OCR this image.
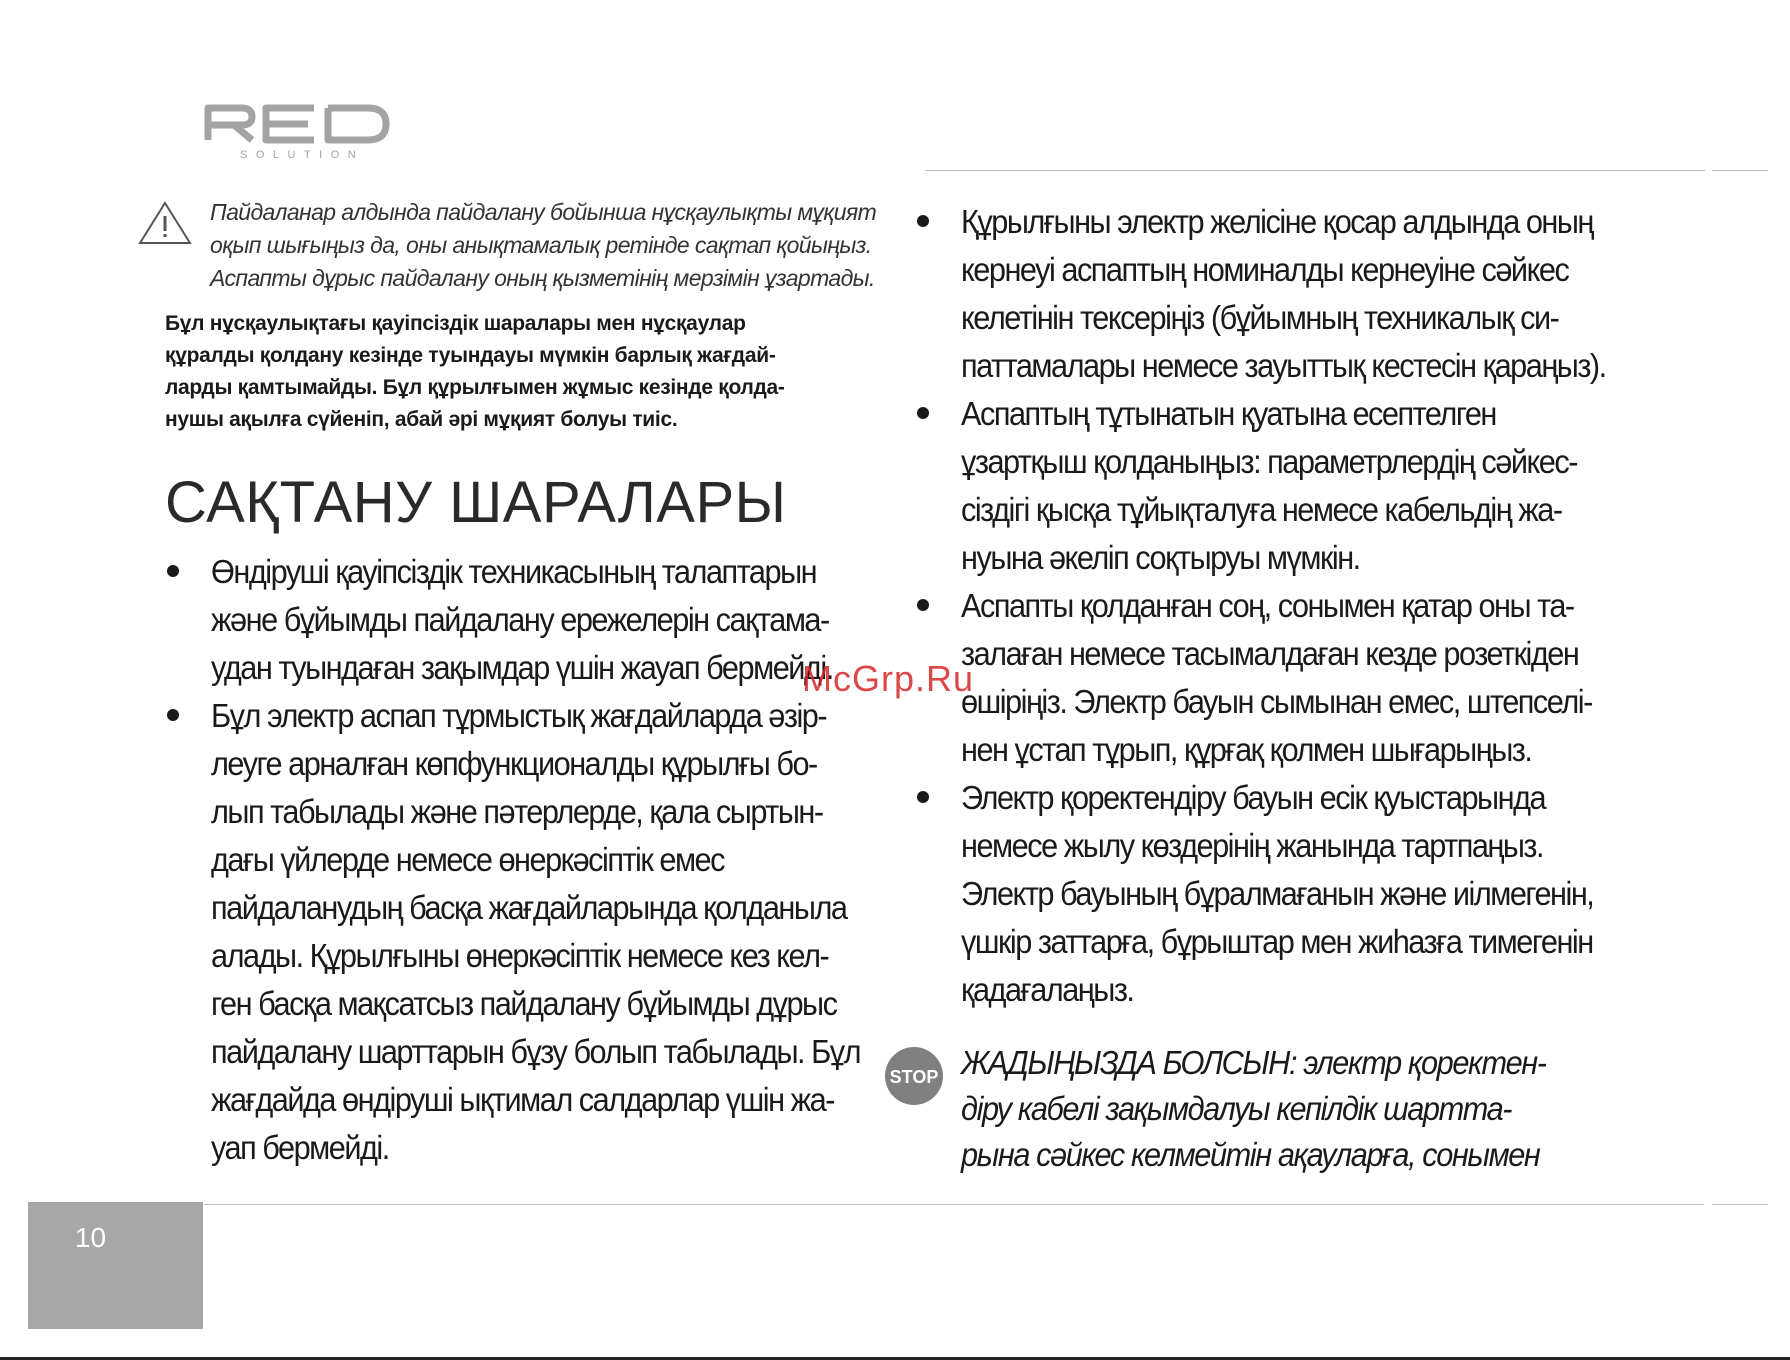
SOLUTION

Пайдаланар алдында пайдалану бойынша нұсқаулықты мұқият

оқып шығыңыз да, оны анықтамалық ретінде сақтап қойыңыз.

Аспапты дұрыс пайдалану оның қызметінің мерзімін ұзартады.

Бұл нұсқаулықтағы қауіпсіздік шаралары мен нұсқаулар

құралды қолдану кезінде туындауы мүмкін барлық жағдай-

ларды қамтымайды. Бұл құрылғымен жұмыс кезінде қолда-

нушы ақылға сүйеніп, абай әрі мұқият болуы тиіс.

САҚТАНУ ШАРАЛАРЫ
Өндіруші қауіпсіздік техникасының талаптарын
және бұйымды пайдалану ережелерін сақтама-
удан туындаған зақымдар үшін жауап бермейді.
Бұл электр аспап тұрмыстық жағдайларда әзір-
леуге арналған көпфункционалды құрылғы бо-
лып табылады және пәтерлерде, қала сыртын-
дағы үйлерде немесе өнеркәсіптік емес
пайдаланудың басқа жағдайларында қолданыла
алады. Құрылғыны өнеркәсіптік немесе кез кел-
ген басқа мақсатсыз пайдалану бұйымды дұрыс
пайдалану шарттарын бұзу болып табылады. Бұл
жағдайда өндіруші ықтимал салдарлар үшін жа-
уап бермейді.
Құрылғыны электр желісіне қосар алдында оның
кернеуі аспаптың номиналды кернеуіне сәйкес
келетінін тексеріңіз (бұйымның техникалық си-
паттамалары немесе зауыттық кестесін қараңыз).
Аспаптың тұтынатын қуатына есептелген
ұзартқыш қолданыңыз: параметрлердің сәйкес-
сіздігі қысқа тұйықталуға немесе кабельдің жа-
нуына әкеліп соқтыруы мүмкін.
Аспапты қолданған соң, сонымен қатар оны та-
залаған немесе тасымалдаған кезде розеткіден
өшіріңіз. Электр бауын сымынан емес, штепселі-
нен ұстап тұрып, құрғақ қолмен шығарыңыз.
Электр қоректендіру бауын есік қуыстарында
немесе жылу көздерінің жанында тартпаңыз.
Электр бауының бұралмағанын және иілмегенін,
үшкір заттарға, бұрыштар мен жиһазға тимегенін
қадағалаңыз.
STOP ЖАДЫҢЫЗДА БОЛСЫН: электр қоректен-
діру кабелі зақымдалуы кепілдік шартта-
рына сәйкес келмейтін ақауларға, сонымен
McGrp.Ru
10
